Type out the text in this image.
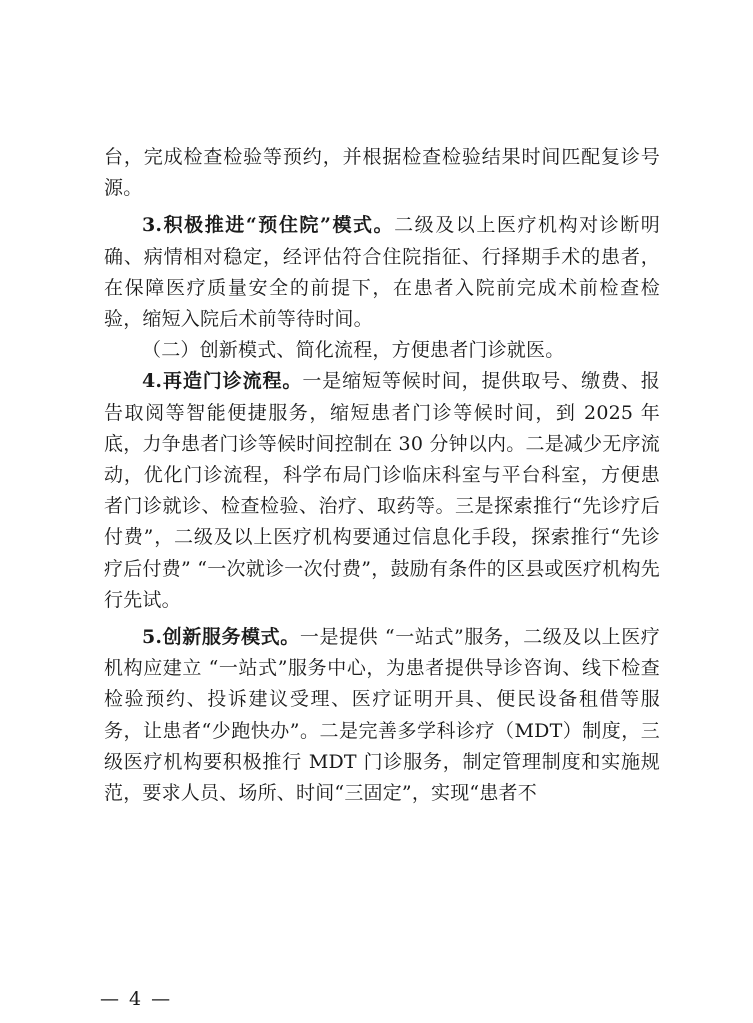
台，完成检查检验等预约，并根据检查检验结果时间匹配复诊号源。

3.积极推进“预住院”模式。二级及以上医疗机构对诊断明确、病情相对稳定，经评估符合住院指征、行择期手术的患者，在保障医疗质量安全的前提下，在患者入院前完成术前检查检验，缩短入院后术前等待时间。

（二）创新模式、简化流程，方便患者门诊就医。

4.再造门诊流程。一是缩短等候时间，提供取号、缴费、报告取阅等智能便捷服务，缩短患者门诊等候时间，到 2025 年底，力争患者门诊等候时间控制在 30 分钟以内。二是减少无序流动，优化门诊流程，科学布局门诊临床科室与平台科室，方便患者门诊就诊、检查检验、治疗、取药等。三是探索推行“先诊疗后付费”，二级及以上医疗机构要通过信息化手段，探索推行“先诊疗后付费” “一次就诊一次付费”，鼓励有条件的区县或医疗机构先行先试。

5.创新服务模式。一是提供 “一站式”服务，二级及以上医疗机构应建立 “一站式”服务中心，为患者提供导诊咨询、线下检查检验预约、投诉建议受理、医疗证明开具、便民设备租借等服务，让患者“少跑快办”。二是完善多学科诊疗（MDT）制度，三级医疗机构要积极推行 MDT 门诊服务，制定管理制度和实施规范，要求人员、场所、时间“三固定”，实现“患者不

— 4 —
